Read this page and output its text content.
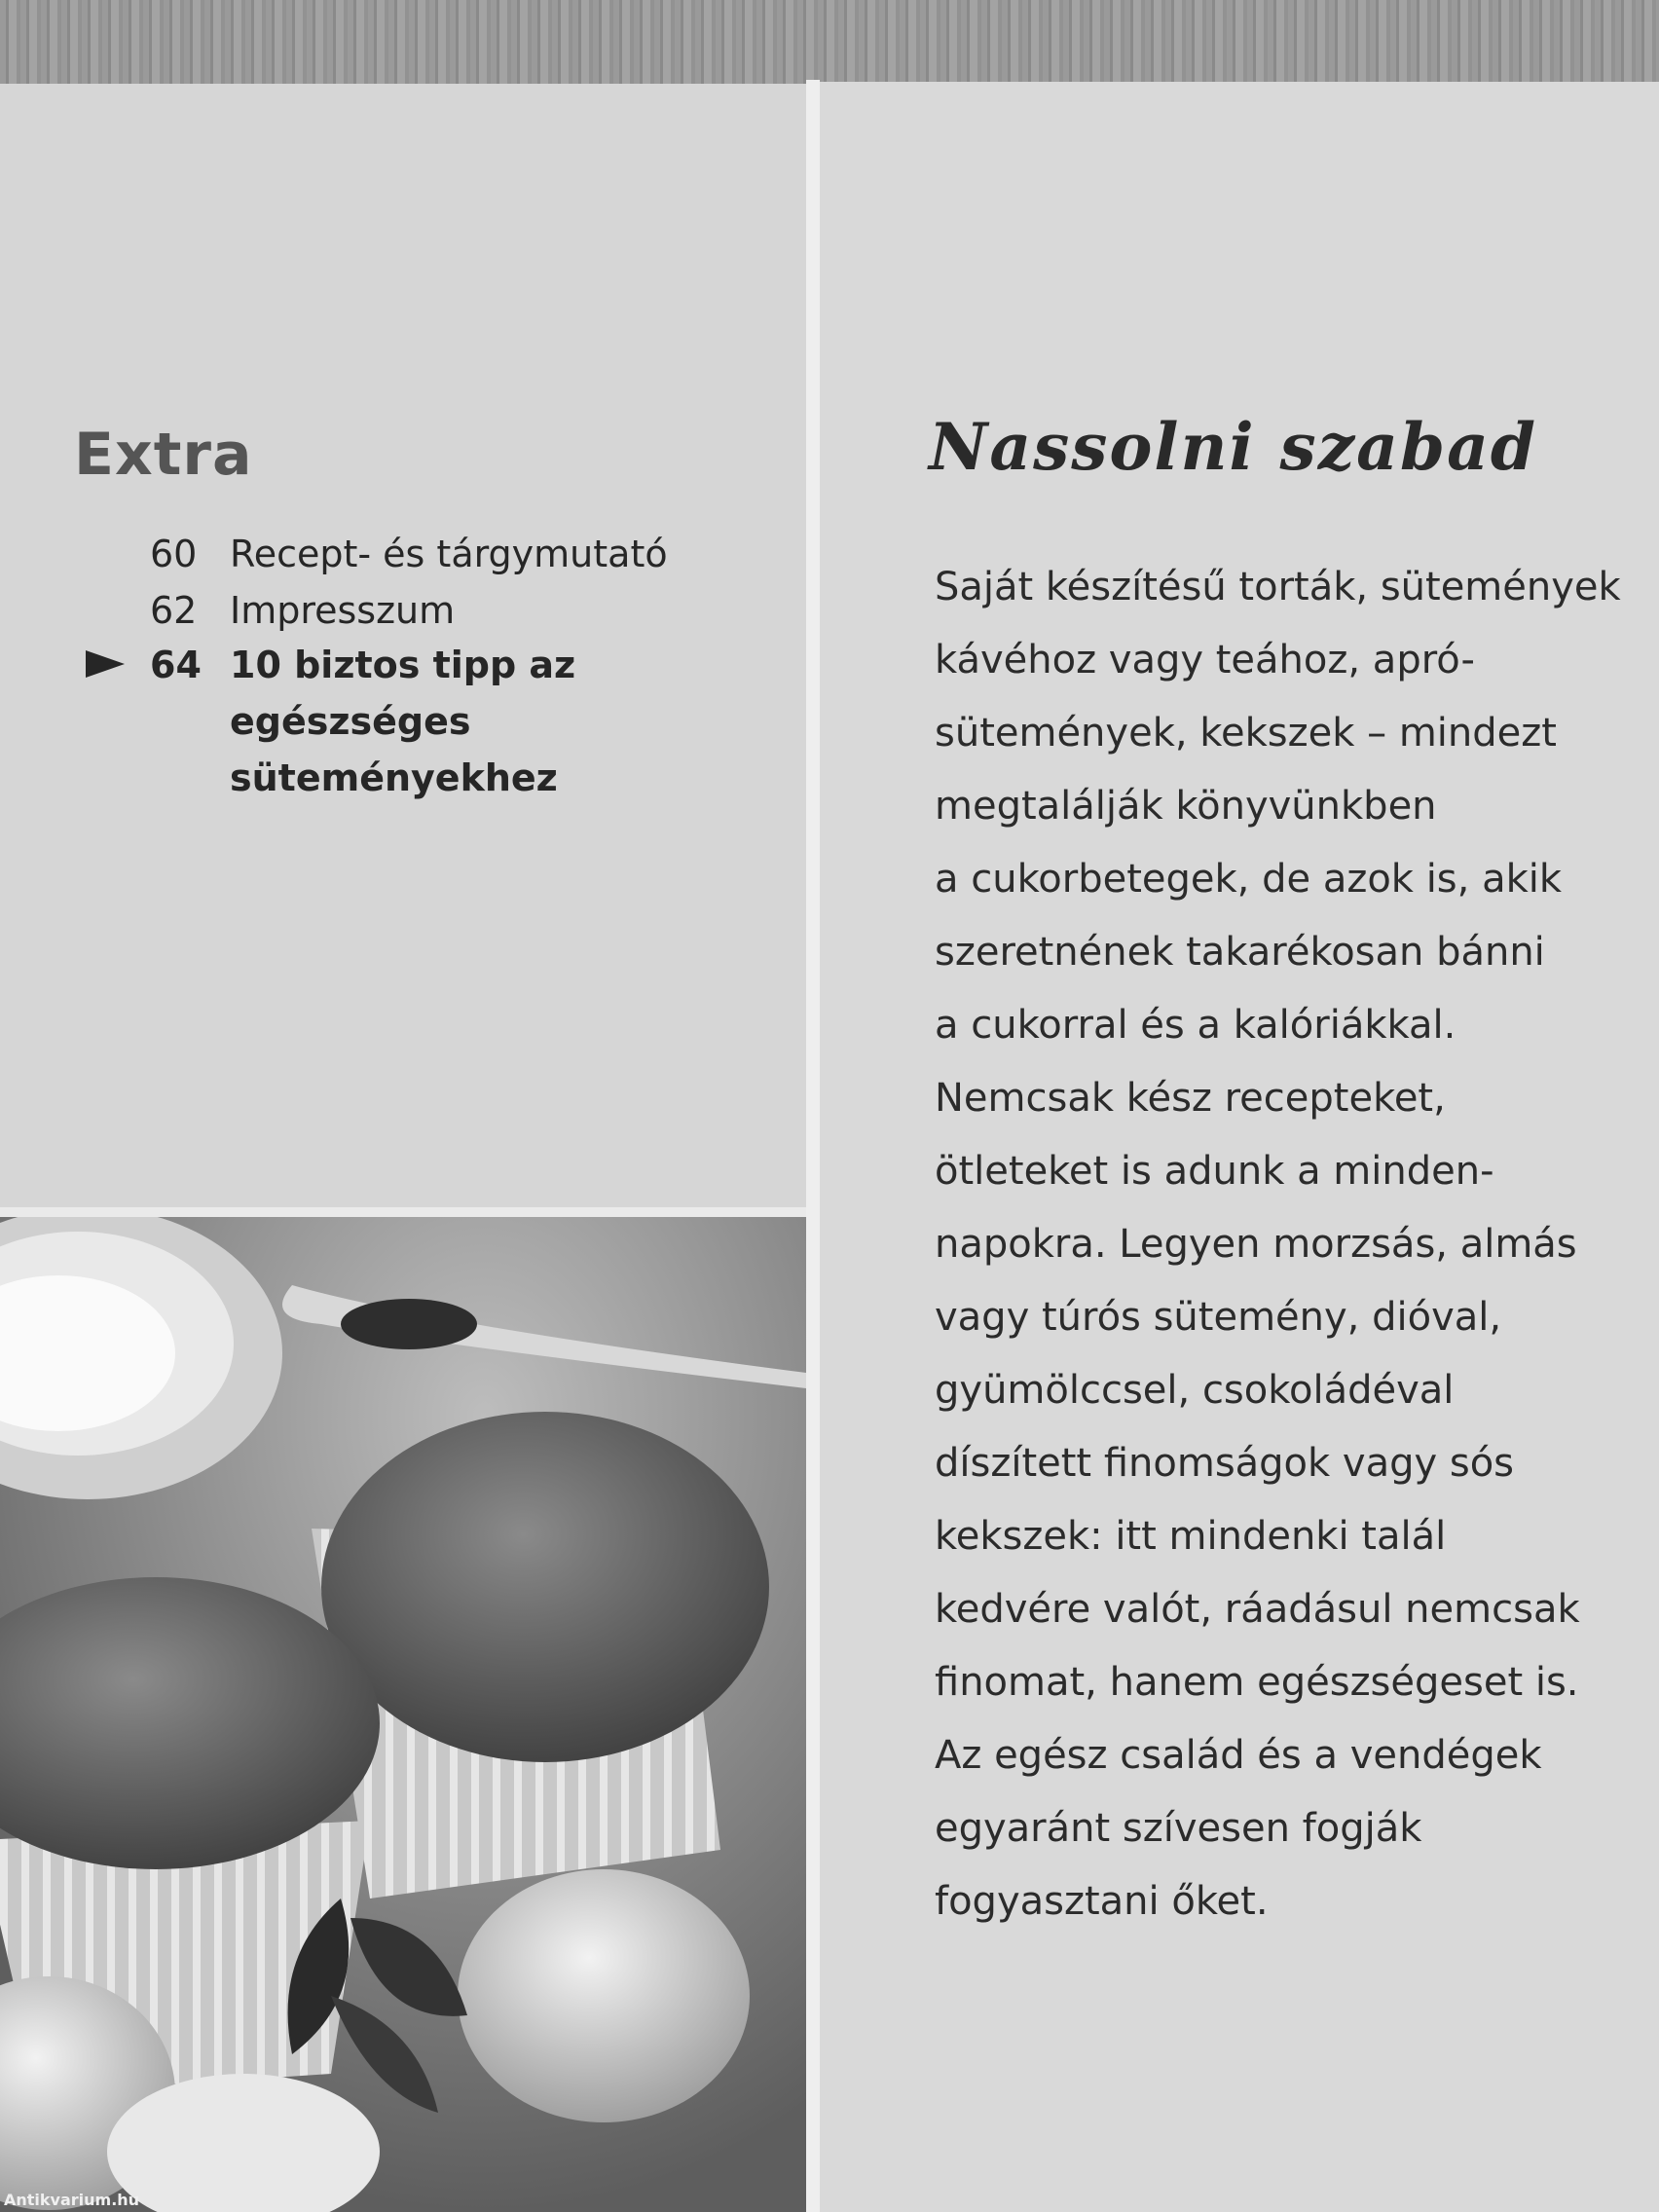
Extra
60 Recept- és tárgymutató
62 Impresszum
64 10 biztos tipp az egészséges
süteményekhez
Nassolni szabad
Saját készítésű torták, sütemények
kávéhoz vagy teához, apró-
sütemények, kekszek – mindezt
megtalálják könyvünkben
a cukorbetegek, de azok is, akik
szeretnének takarékosan bánni
a cukorral és a kalóriákkal.
Nemcsak kész recepteket,
ötleteket is adunk a minden-
napokra. Legyen morzsás, almás
vagy túrós sütemény, dióval,
gyümölccsel, csokoládéval
díszített finomságok vagy sós
kekszek: itt mindenki talál
kedvére valót, ráadásul nemcsak
finomat, hanem egészségeset is.
Az egész család és a vendégek
egyaránt szívesen fogják
fogyasztani őket.
Antikvarium.hu
